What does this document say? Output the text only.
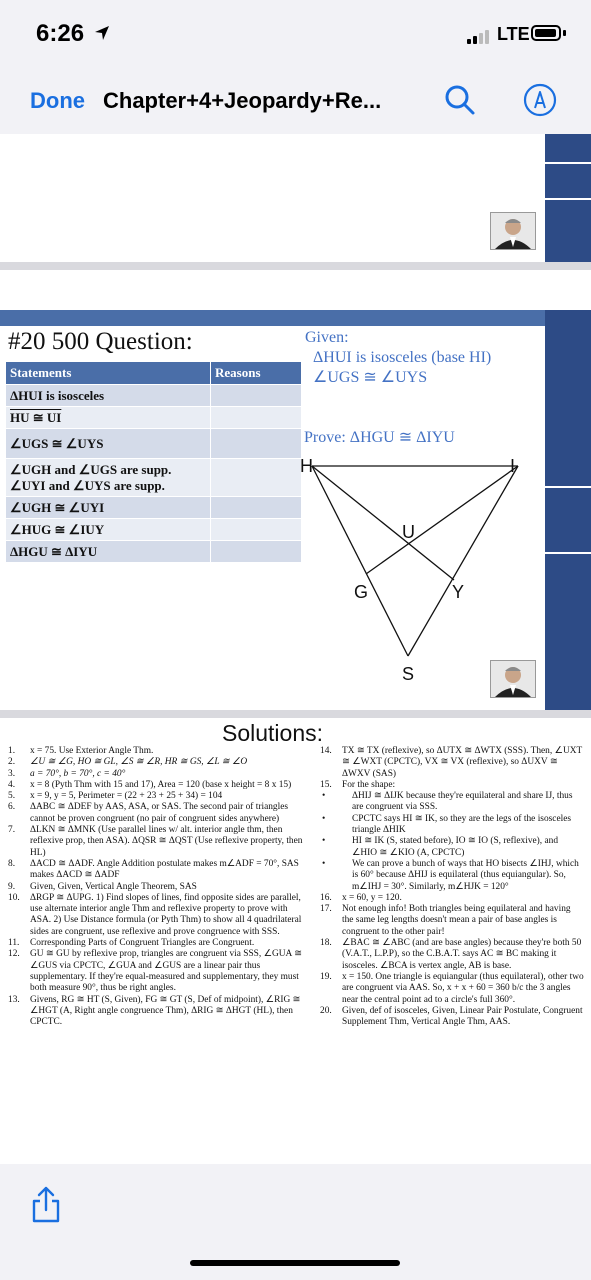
6:26	LTE
Done Chapter+4+Jeopardy+Re...
#20 500 Question:	Given:
ΔHUI is isosceles (base HI)
∠UGS ≅ ∠UYS
Prove: ΔHGU ≅ ΔIYU
Statements	Reasons
ΔHUI is isosceles	
HU ≅ UI	
∠UGS ≅ ∠UYS	

∠UGH and ∠UGS are supp.
∠UYI and ∠UYS are supp.	

∠UGH ≅ ∠UYI	
∠HUG ≅ ∠IUY	
ΔHGU ≅ ΔIYU	
H	I
U
G	Y
S
Solutions:
1.	x = 75. Use Exterior Angle Thm.
2.	∠U ≅ ∠G, HO ≅ GL, ∠S ≅ ∠R, HR ≅ GS, ∠L ≅ ∠O
3.	a = 70°, b = 70°, c = 40°
4.	x = 8 (Pyth Thm with 15 and 17), Area = 120 (base x height = 8 x 15)
5.	x = 9, y = 5, Perimeter = (22 + 23 + 25 + 34) = 104
6.	ΔABC ≅ ΔDEF by AAS, ASA, or SAS. The second pair of triangles cannot be proven congruent (no pair of congruent sides anywhere)
7.	ΔLKN ≅ ΔMNK (Use parallel lines w/ alt. interior angle thm, then reflexive prop, then ASA). ΔQSR ≅ ΔQST (Use reflexive property, then HL)
8.	ΔACD ≅ ΔADF. Angle Addition postulate makes m∠ADF = 70°, SAS makes ΔACD ≅ ΔADF
9.	Given, Given, Vertical Angle Theorem, SAS
10.	ΔRGP ≅ ΔUPG. 1) Find slopes of lines, find opposite sides are parallel, use alternate interior angle Thm and reflexive property to prove with ASA. 2) Use Distance formula (or Pyth Thm) to show all 4 quadrilateral sides are congruent, use reflexive and prove congruence with SSS.
11.	Corresponding Parts of Congruent Triangles are Congruent.
12.	GU ≅ GU by reflexive prop, triangles are congruent via SSS, ∠GUA ≅ ∠GUS via CPCTC, ∠GUA and ∠GUS are a linear pair thus supplementary. If they're equal-measured and supplementary, they must both measure 90°, thus be right angles.
13.	Givens, RG ≅ HT (S, Given), FG ≅ GT (S, Def of midpoint), ∠RIG ≅ ∠HGT (A, Right angle congruence Thm), ΔRIG ≅ ΔHGT (HL), then CPCTC.
14.	TX ≅ TX (reflexive), so ΔUTX ≅ ΔWTX (SSS). Then, ∠UXT ≅ ∠WXT (CPCTC), VX ≅ VX (reflexive), so ΔUXV ≅ ΔWXV (SAS)
15.	For the shape:
•	ΔHIJ ≅ ΔIJK because they're equilateral and share IJ, thus are congruent via SSS.
•	CPCTC says HI ≅ IK, so they are the legs of the isosceles triangle ΔHIK
•	HI ≅ IK (S, stated before), IO ≅ IO (S, reflexive), and ∠HIO ≅ ∠KIO (A, CPCTC)
•	We can prove a bunch of ways that HO bisects ∠IHJ, which is 60° because ΔHIJ is equilateral (thus equiangular). So, m∠IHJ = 30°. Similarly, m∠HJK = 120°
16.	x = 60, y = 120.
17.	Not enough info! Both triangles being equilateral and having the same leg lengths doesn't mean a pair of base angles is congruent to the other pair!
18.	∠BAC ≅ ∠ABC (and are base angles) because they're both 50 (V.A.T., L.P.P), so the C.B.A.T. says AC ≅ BC making it isosceles. ∠BCA is vertex angle, AB is base.
19.	x = 150. One triangle is equiangular (thus equilateral), other two are congruent via AAS. So, x + x + 60 = 360 b/c the 3 angles near the central point ad to a circle's full 360°.
20.	Given, def of isosceles, Given, Linear Pair Postulate, Congruent Supplement Thm, Vertical Angle Thm, AAS.
